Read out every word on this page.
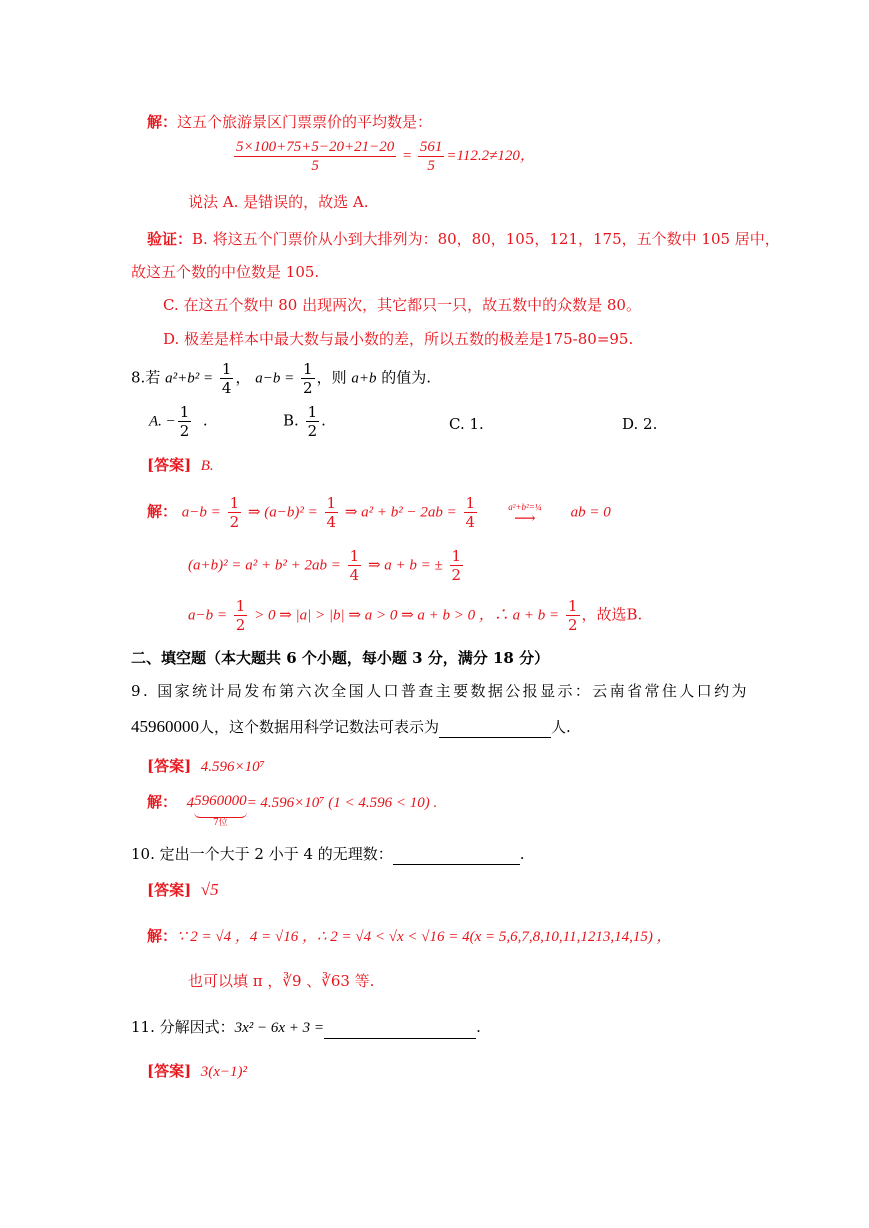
解：这五个旅游景区门票票价的平均数是：
$\frac{5\times 100+75+5-20+21-20}{5} = \frac{561}{5} =112.2\ne 120$，
说法 A. 是错误的，故选 A.
验证：B. 将这五个门票价从小到大排列为：80，80，105，121，175，五个数中 105 居中，
故这五个数的中位数是 105.
C. 在这五个数中 80 出现两次，其它都只一只，故五数中的众数是 80。
D. 极差是样本中最大数与最小数的差，所以五数的极差是175-80=95.
8.若 $a^2+b^2 = \frac{1}{4}$ ， $a-b = \frac{1}{2}$ ，则 a+b 的值为.
A. − $\frac{1}{2}$ .	B. $\frac{1}{2}$ .	C. 1.	D. 2.
[答案] B.
解： $a-b = \frac{1}{2}$ ⇒ $(a-b)^2 = \frac{1}{4}$ ⇒ $a^2 + b^2 - 2ab = \frac{1}{4}$
	a²+b²=¼
⟶	ab = 0
$(a+b)^2 = a^2 + b^2 + 2ab = \frac{1}{4}$ ⇒ a + b = ± $\frac{1}{2}$
$a-b = \frac{1}{2} > 0$ ⇒ |a| > |b| ⇒ a > 0 ⇒ a + b > 0 ，∴ $a + b = \frac{1}{2}$ ，故选B.
二、填空题（本大题共 6 个小题，每小题 3 分，满分 18 分）
9. 国家统计局发布第六次全国人口普查主要数据公报显示：云南省常住人口约为
45960000人，这个数据用科学记数法可表示为	人.
[答案] 4.596×10⁷
解： 4 5960000
7位
= 4.596×10⁷ (1 < 4.596 < 10) .
10. 定出一个大于 2 小于 4 的无理数：	.
[答案] √5
解：∵ 2 = √4 ，4 = √16 ，∴ 2 = √4 < √x < √16 = 4(x = 5,6,7,8,10,11,1213,14,15) ，
也可以填 π ，∛9 、∛63 等.
11. 分解因式：3x² − 6x + 3 =	.
[答案] 3(x−1)²
